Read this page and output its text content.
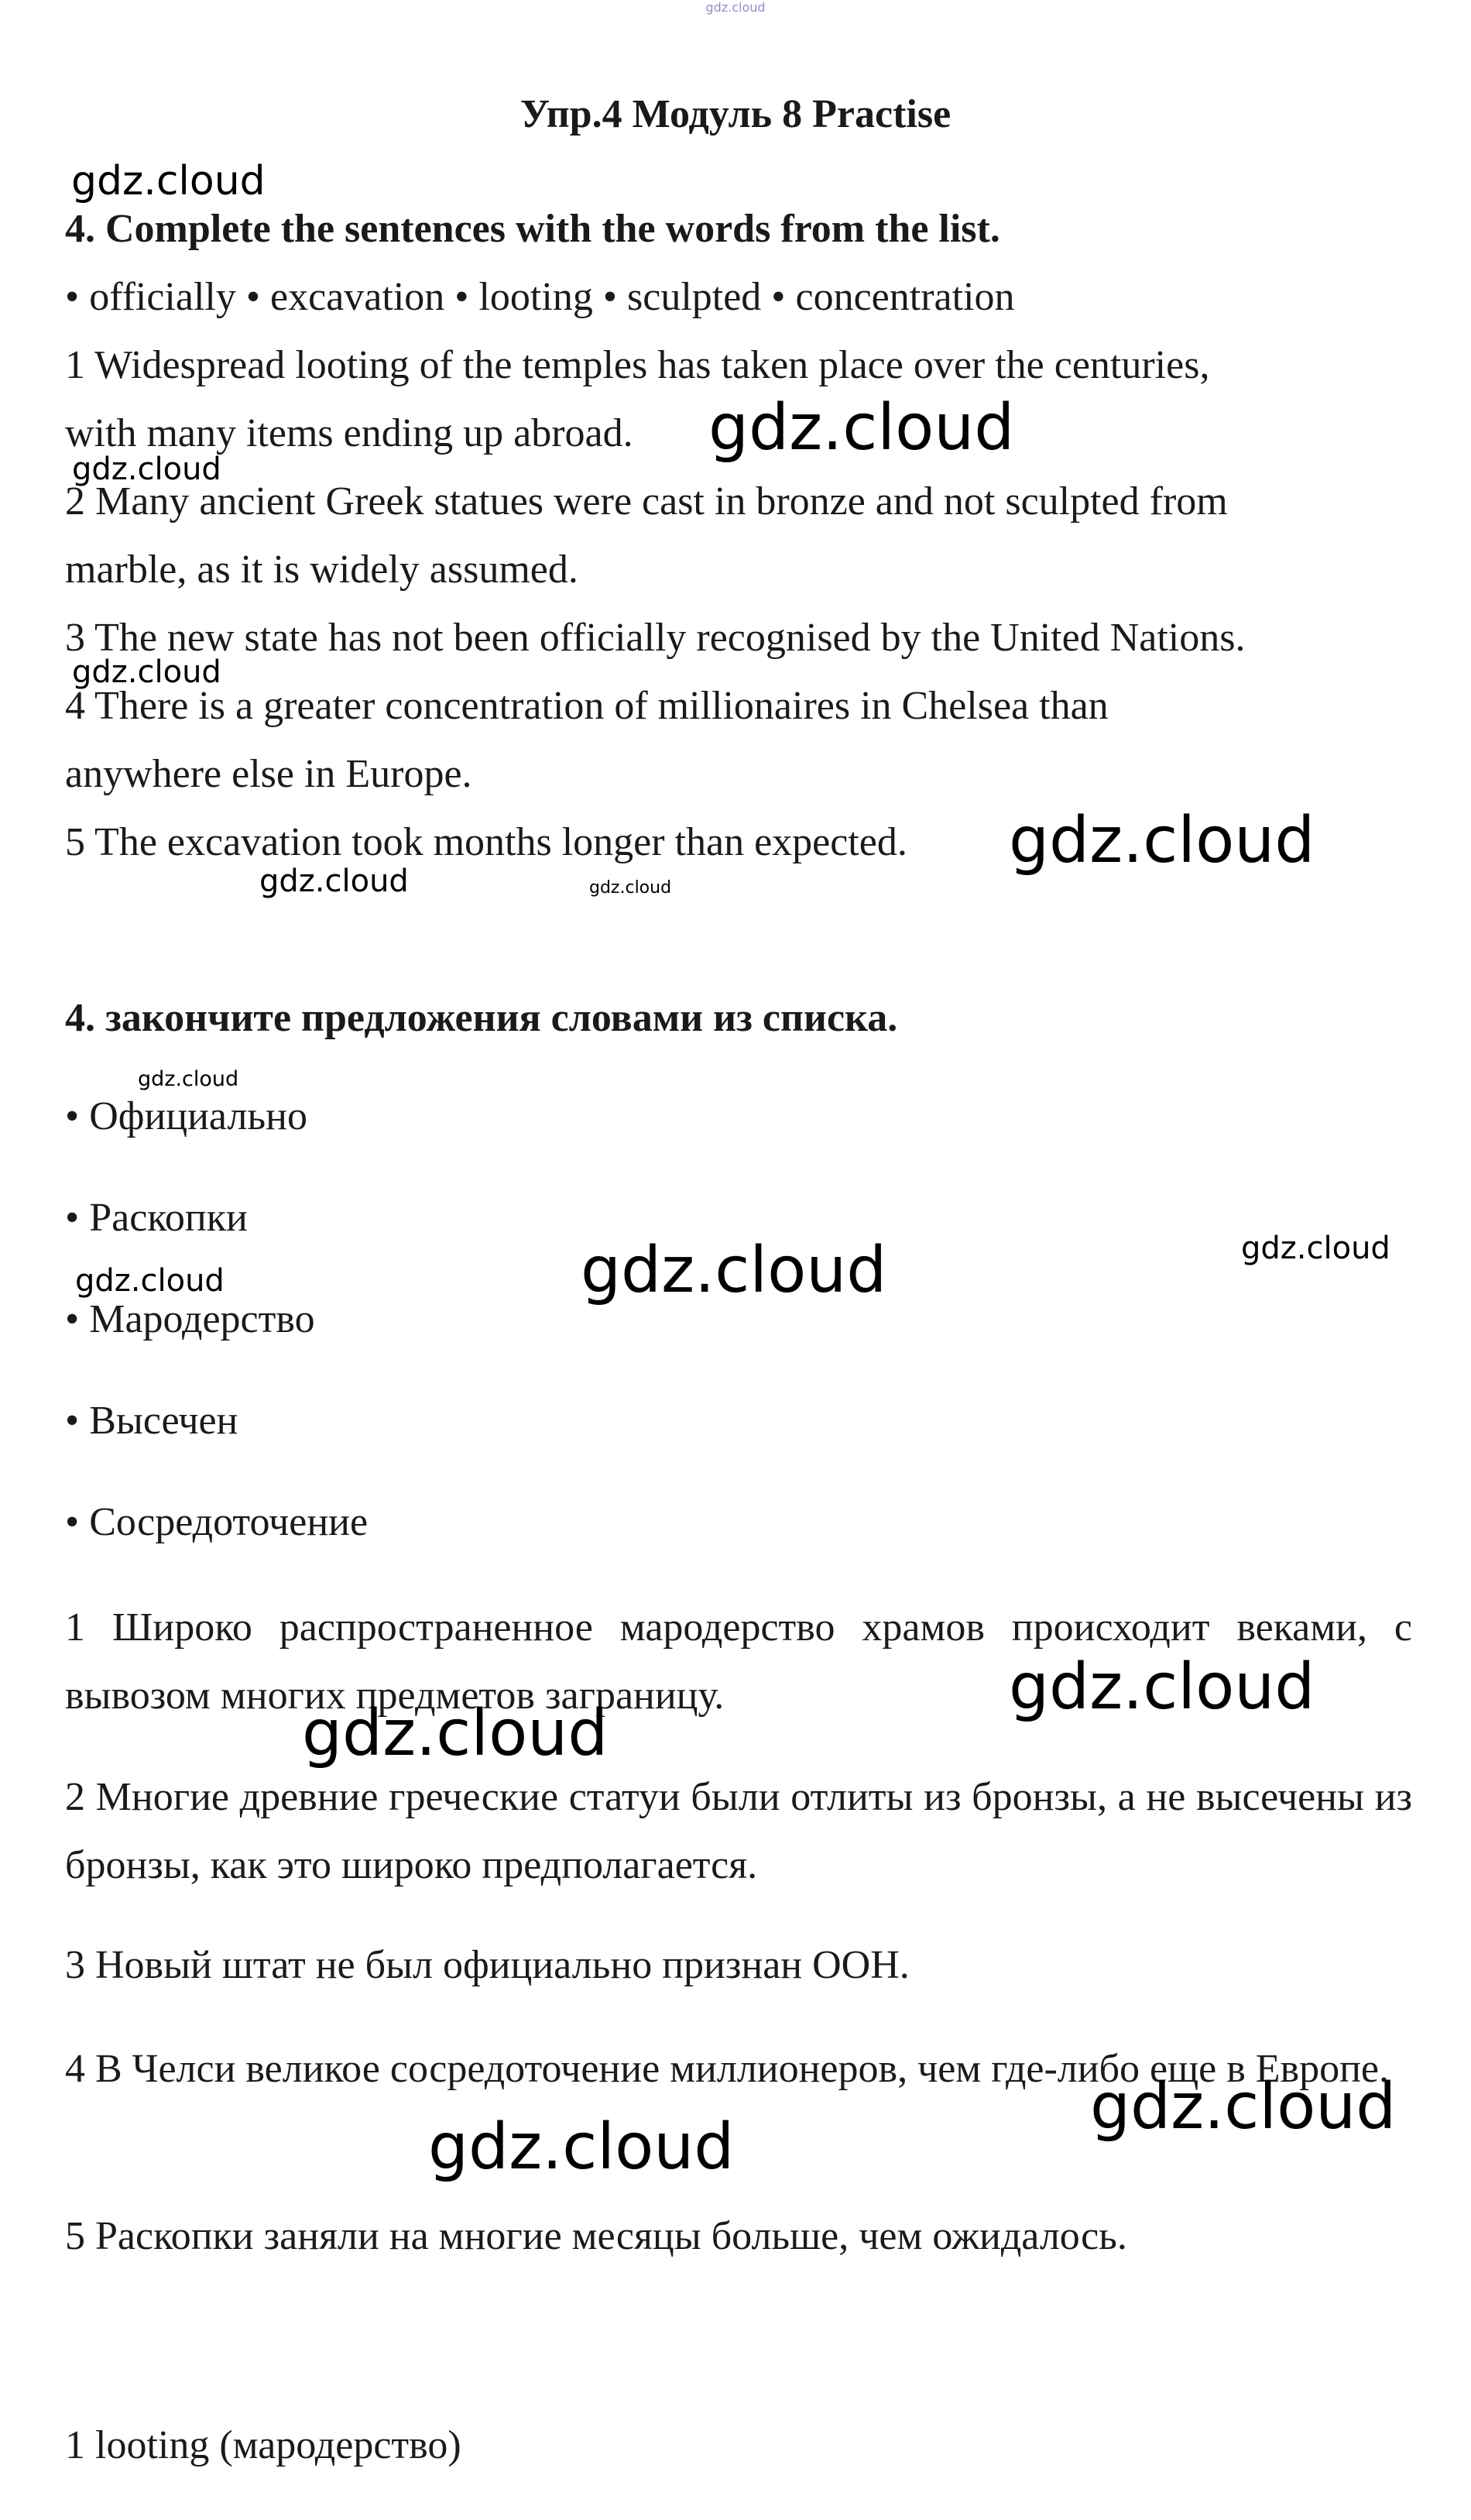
gdz.cloud
Упр.4 Модуль 8 Practise
4. Complete the sentences with the words from the list.
• officially • excavation • looting • sculpted • concentration
1 Widespread looting of the temples has taken place over the centuries,
with many items ending up abroad.
2 Many ancient Greek statues were cast in bronze and not sculpted from
marble, as it is widely assumed.
3 The new state has not been officially recognised by the United Nations.
4 There is a greater concentration of millionaires in Chelsea than
anywhere else in Europe.
5 The excavation took months longer than expected.
4. закончите предложения словами из списка.
• Официально
• Раскопки
• Мародерство
• Высечен
• Сосредоточение
1 Широко распространенное мародерство храмов происходит веками, с вывозом многих предметов заграницу.
2 Многие древние греческие статуи были отлиты из бронзы, а не высечены из бронзы, как это широко предполагается.
3 Новый штат не был официально признан ООН.
4 В Челси великое сосредоточение миллионеров, чем где-либо еще в Европе.
5 Раскопки заняли на многие месяцы больше, чем ожидалось.
1 looting (мародерство)
gdz.cloud
gdz.cloud
gdz.cloud
gdz.cloud
gdz.cloud
gdz.cloud	gdz.cloud
gdz.cloud
gdz.cloud	gdz.cloud
gdz.cloud
gdz.cloud
gdz.cloud
gdz.cloud
gdz.cloud
